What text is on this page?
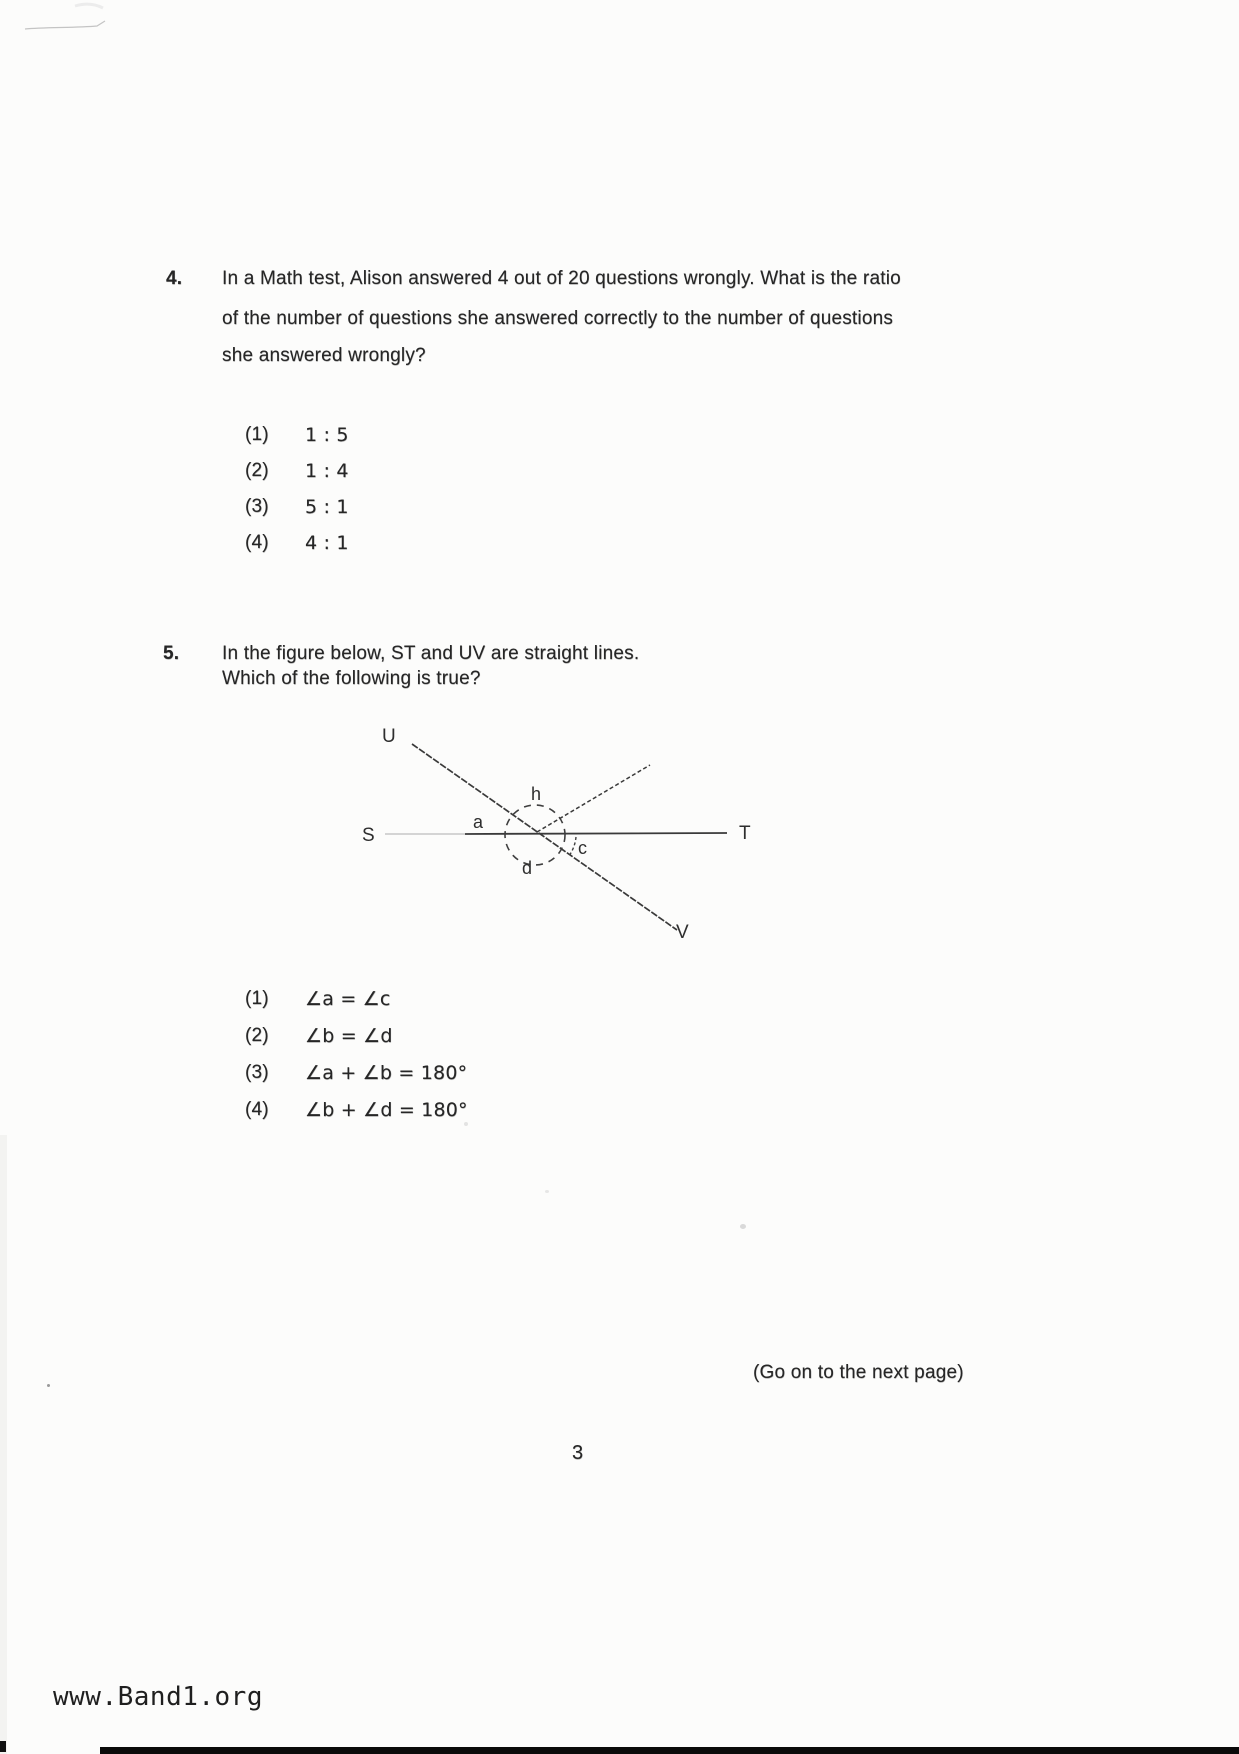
4. In a Math test, Alison answered 4 out of 20 questions wrongly. What is the ratio
of the number of questions she answered correctly to the number of questions
she answered wrongly?
(1)	1 : 5
(2)	1 : 4
(3)	5 : 1
(4)	4 : 1
5. In the figure below, ST and UV are straight lines.
Which of the following is true?
U
S	T
V
a
h
c
d
(1)	∠a = ∠c
(2)	∠b = ∠d
(3)	∠a + ∠b = 180°
(4)	∠b + ∠d = 180°
(Go on to the next page)
3
www.Band1.org
